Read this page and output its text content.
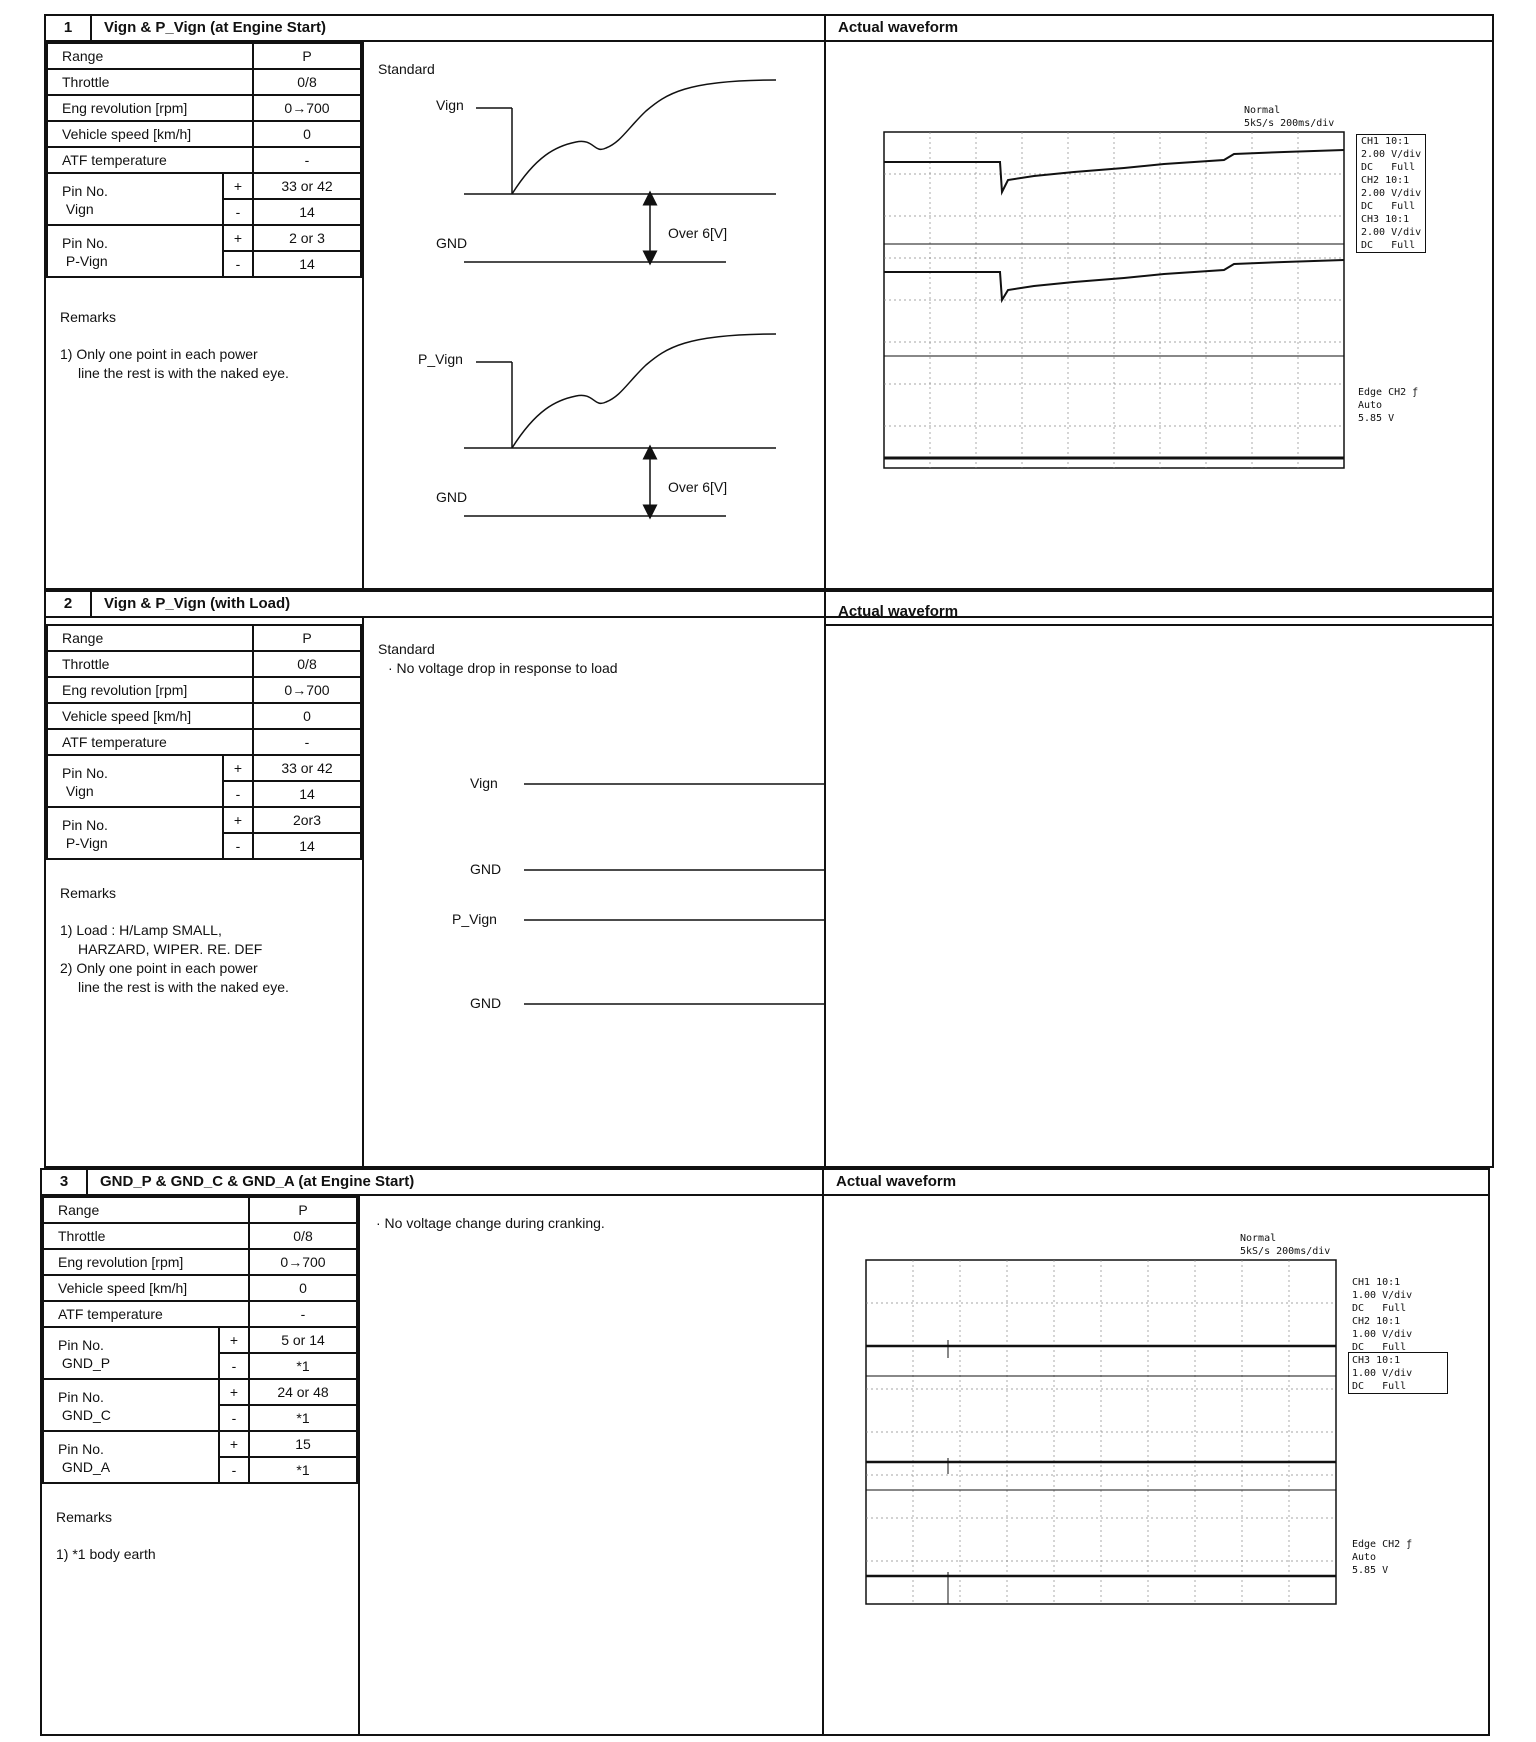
1	Vign & P_Vign (at Engine Start)	Actual waveform
Range		P
Throttle		0/8
Eng revolution [rpm]		0→700
Vehicle speed [km/h]		0
ATF temperature		-
Pin No.
Vign	+	33 or 42
	-	14
Pin No.
P-Vign	+	2 or 3
	-	14
Remarks
1) Only one point in each power
line the rest is with the naked eye.
Standard
Vign
GND
P_Vign
GND
Over 6[V]
Over 6[V]
Normal
5kS/s 200ms/div
CH1 10:1
2.00 V/div
DC   Full
CH2 10:1
2.00 V/div
DC   Full
CH3 10:1
2.00 V/div
DC   Full
Edge CH2 ƒ
Auto
5.85 V
2	Vign & P_Vign (with Load)	Actual waveform
Range		P
Throttle		0/8
Eng revolution [rpm]		0→700
Vehicle speed [km/h]		0
ATF temperature		-
Pin No.
Vign	+	33 or 42
	-	14
Pin No.
P-Vign	+	2or3
	-	14
Remarks
1) Load : H/Lamp SMALL,
HARZARD, WIPER. RE. DEF
2) Only one point in each power
line the rest is with the naked eye.
Standard
· No voltage drop in response to load
Vign
GND
P_Vign
GND
3	GND_P & GND_C & GND_A (at Engine Start)	Actual waveform
Range		P
Throttle		0/8
Eng revolution [rpm]		0→700
Vehicle speed [km/h]		0
ATF temperature		-
Pin No.
GND_P	+	5 or 14
	-	*1
Pin No.
GND_C	+	24 or 48
	-	*1
Pin No.
GND_A	+	15
	-	*1
Remarks
1) *1 body earth
· No voltage change during cranking.
Normal
5kS/s 200ms/div
CH1 10:1
1.00 V/div
DC   Full
CH2 10:1
1.00 V/div
DC   Full
CH3 10:1
1.00 V/div
DC   Full
Edge CH2 ƒ
Auto
5.85 V
